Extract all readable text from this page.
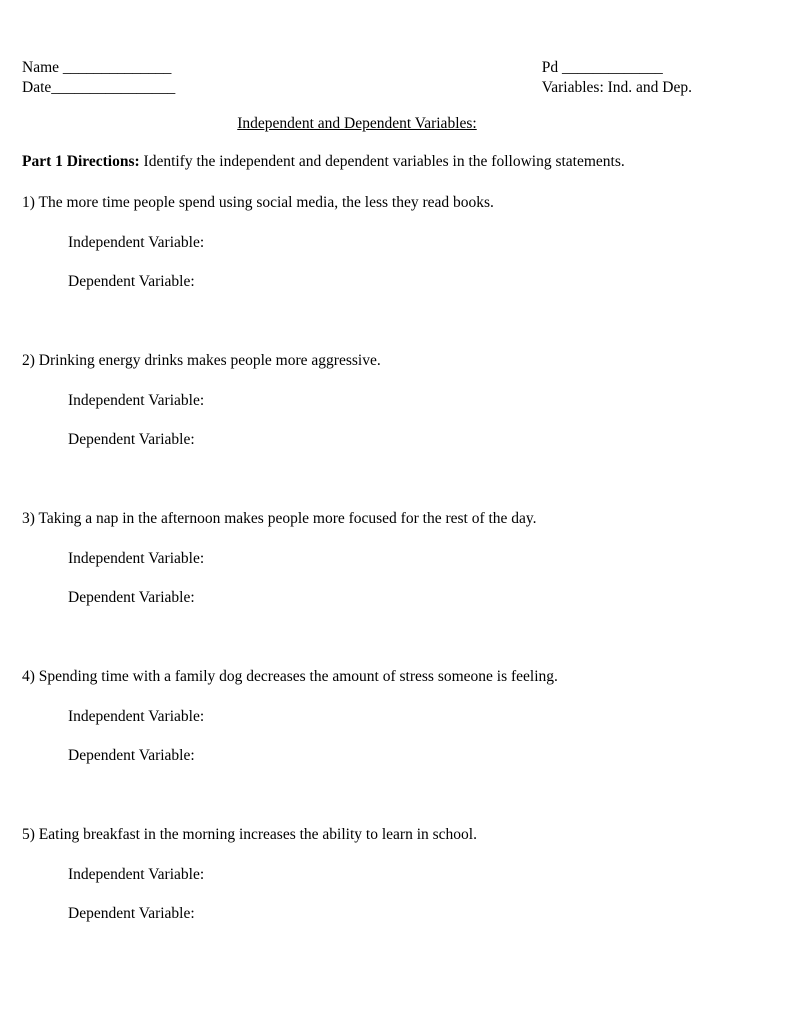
Name ______________
Date________________
Pd _____________
Variables: Ind. and Dep.
Independent and Dependent Variables:
Part 1 Directions: Identify the independent and dependent variables in the following statements.
1) The more time people spend using social media, the less they read books.
Independent Variable:
Dependent Variable:
2) Drinking energy drinks makes people more aggressive.
Independent Variable:
Dependent Variable:
3) Taking a nap in the afternoon makes people more focused for the rest of the day.
Independent Variable:
Dependent Variable:
4) Spending time with a family dog decreases the amount of stress someone is feeling.
Independent Variable:
Dependent Variable:
5) Eating breakfast in the morning increases the ability to learn in school.
Independent Variable:
Dependent Variable:
